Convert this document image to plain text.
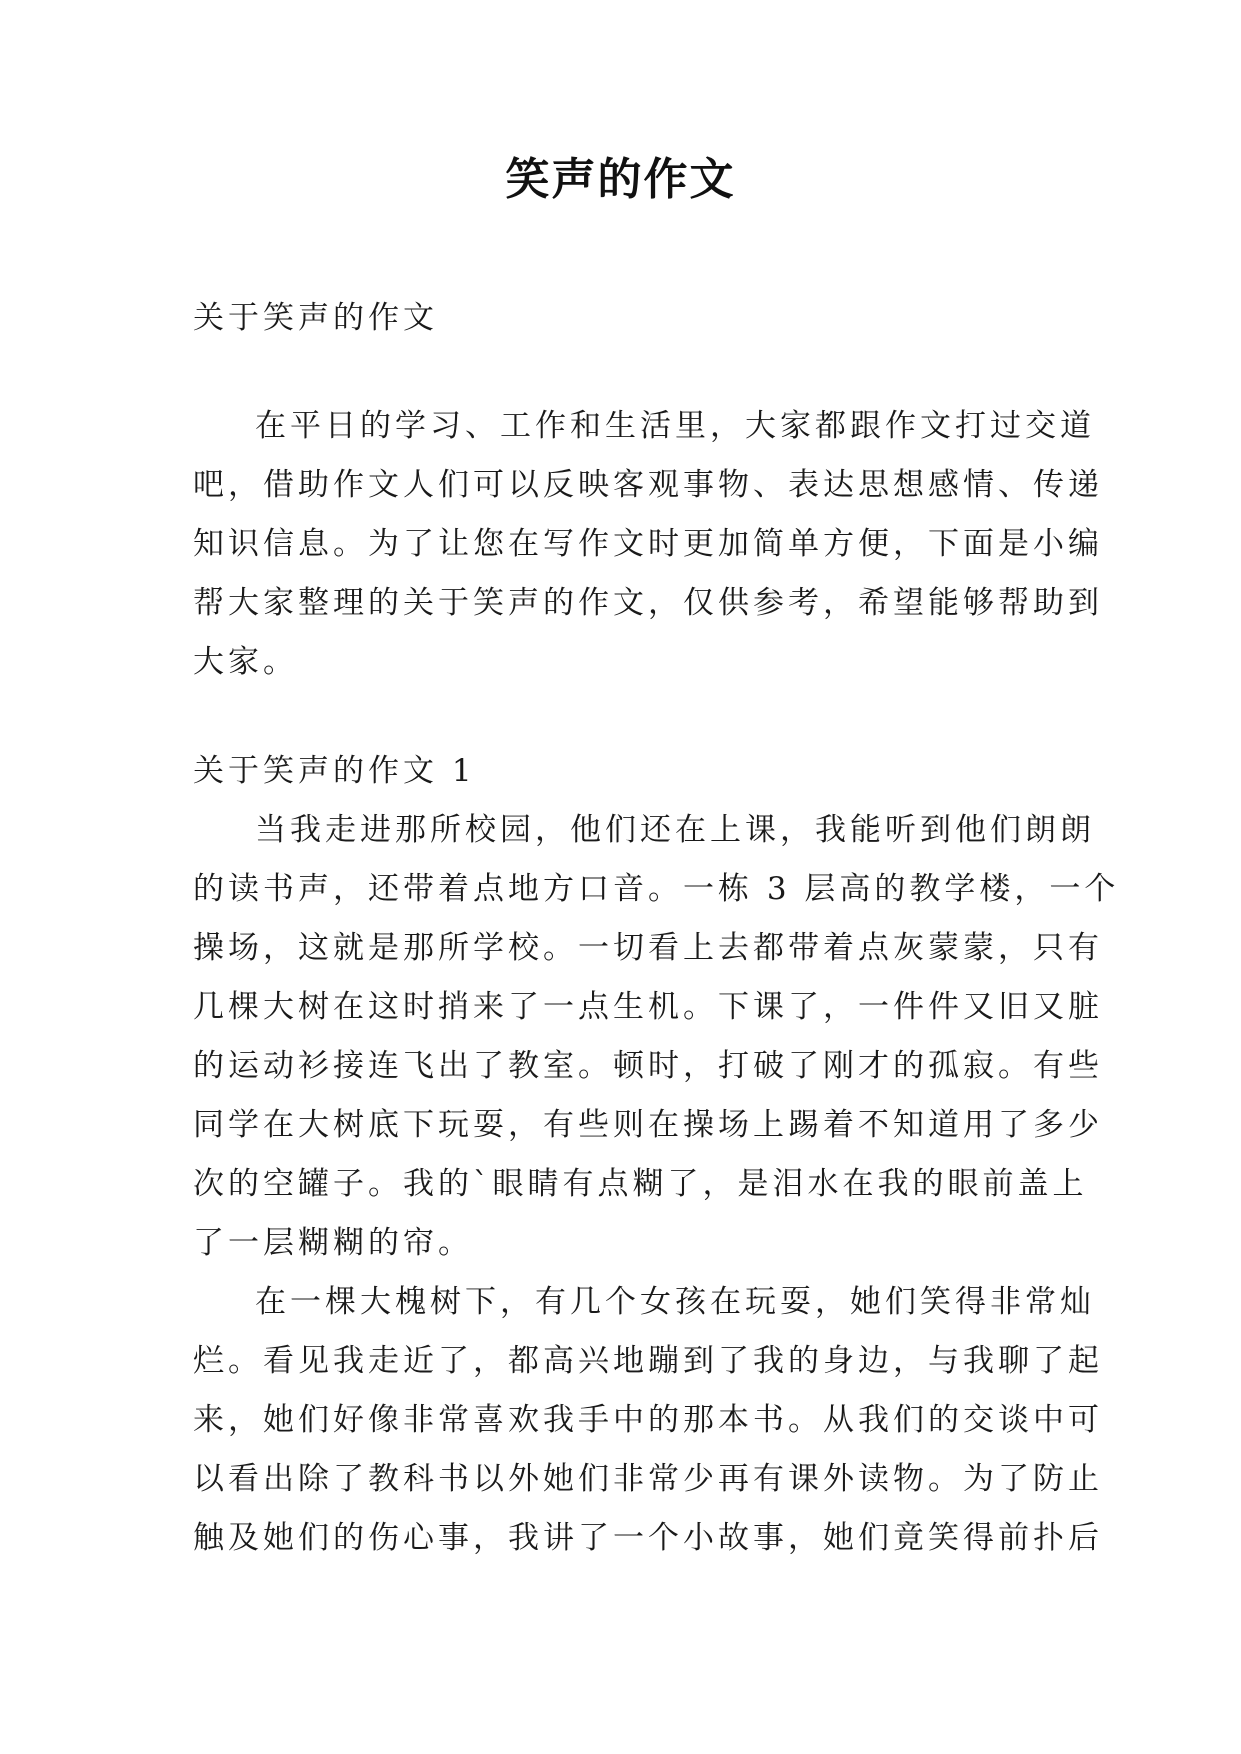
笑声的作文
关于笑声的作文
在平日的学习、工作和生活里，大家都跟作文打过交道
吧，借助作文人们可以反映客观事物、表达思想感情、传递
知识信息。为了让您在写作文时更加简单方便，下面是小编
帮大家整理的关于笑声的作文，仅供参考，希望能够帮助到
大家。
关于笑声的作文 1
当我走进那所校园，他们还在上课，我能听到他们朗朗
的读书声，还带着点地方口音。一栋 3 层高的教学楼，一个
操场，这就是那所学校。一切看上去都带着点灰蒙蒙，只有
几棵大树在这时捎来了一点生机。下课了，一件件又旧又脏
的运动衫接连飞出了教室。顿时，打破了刚才的孤寂。有些
同学在大树底下玩耍，有些则在操场上踢着不知道用了多少
次的空罐子。我的`眼睛有点糊了，是泪水在我的眼前盖上
了一层糊糊的帘。
在一棵大槐树下，有几个女孩在玩耍，她们笑得非常灿
烂。看见我走近了，都高兴地蹦到了我的身边，与我聊了起
来，她们好像非常喜欢我手中的那本书。从我们的交谈中可
以看出除了教科书以外她们非常少再有课外读物。为了防止
触及她们的伤心事，我讲了一个小故事，她们竟笑得前扑后
